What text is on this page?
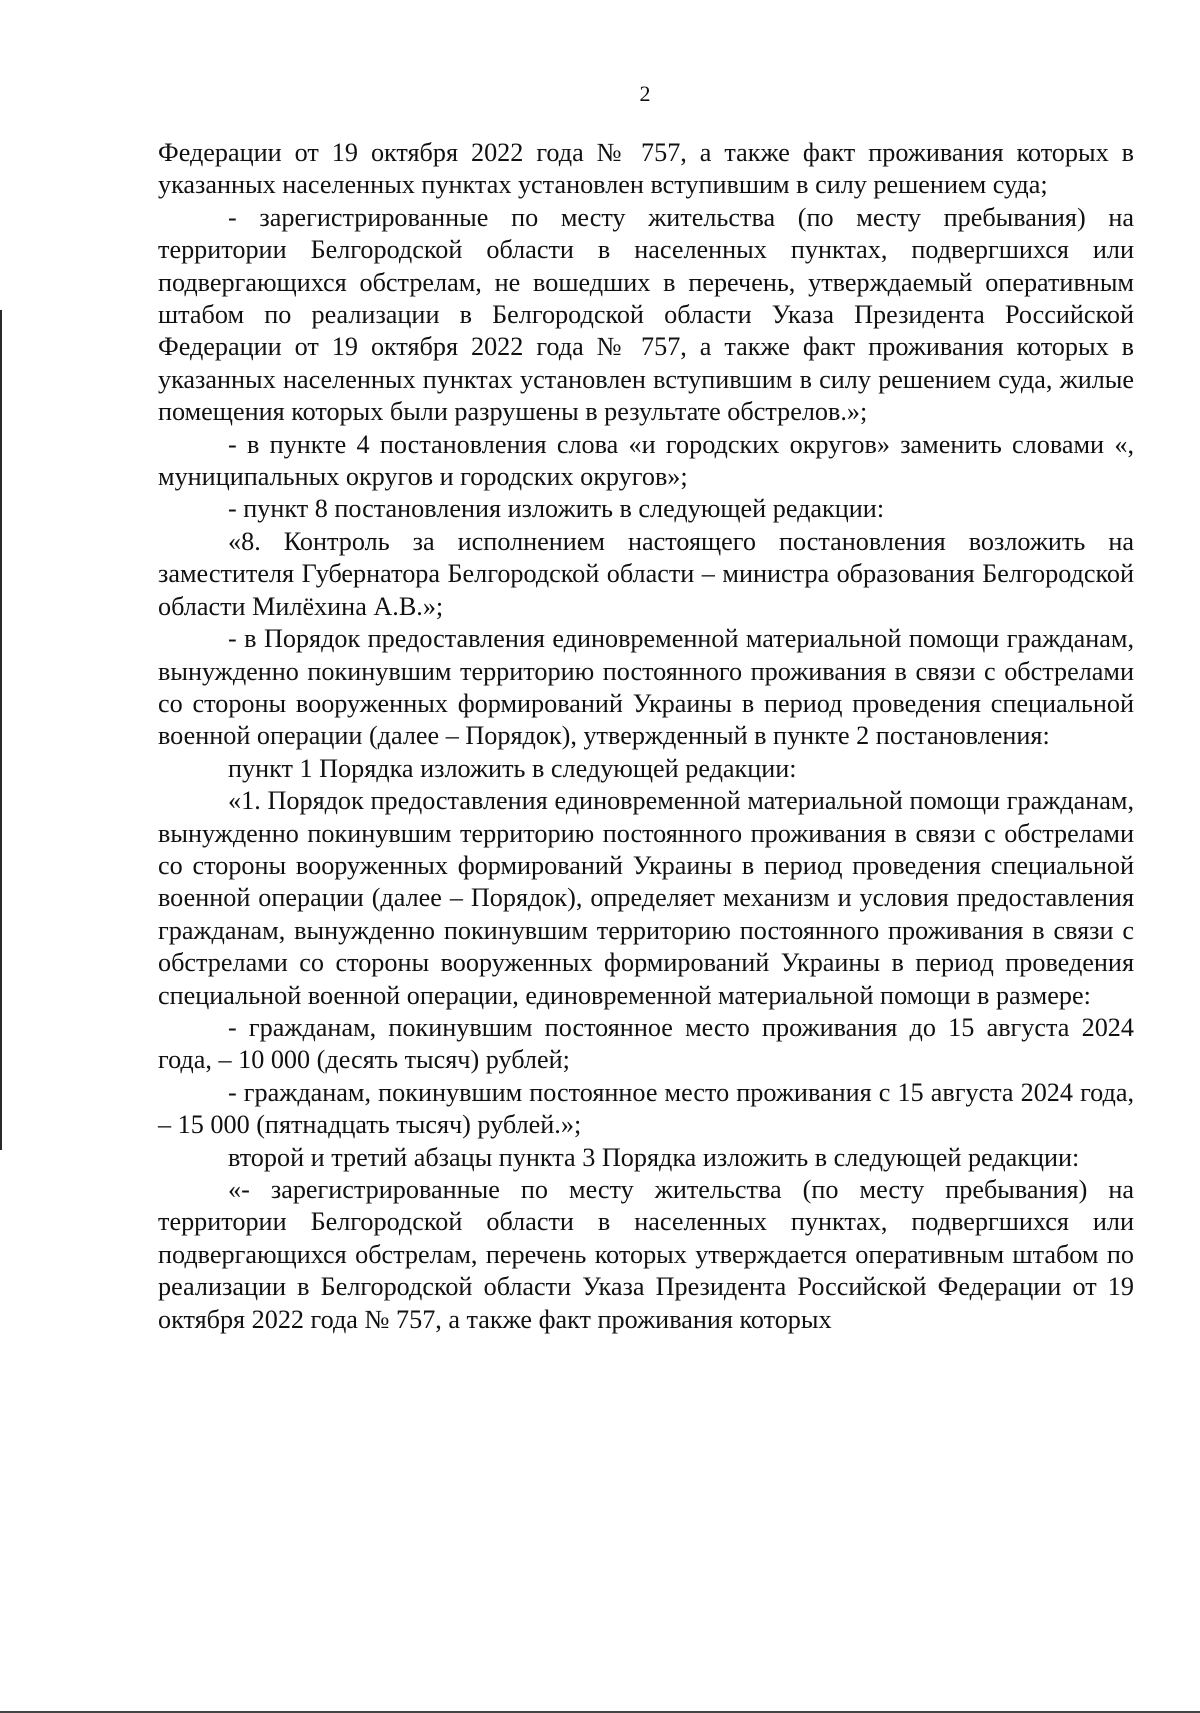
2

Федерации от 19 октября 2022 года № 757, а также факт проживания которых в указанных населенных пунктах установлен вступившим в силу решением суда;

- зарегистрированные по месту жительства (по месту пребывания) на территории Белгородской области в населенных пунктах, подвергшихся или подвергающихся обстрелам, не вошедших в перечень, утверждаемый оперативным штабом по реализации в Белгородской области Указа Президента Российской Федерации от 19 октября 2022 года № 757, а также факт проживания которых в указанных населенных пунктах установлен вступившим в силу решением суда, жилые помещения которых были разрушены в результате обстрелов.»;

- в пункте 4 постановления слова «и городских округов» заменить словами «, муниципальных округов и городских округов»;

- пункт 8 постановления изложить в следующей редакции:

«8. Контроль за исполнением настоящего постановления возложить на заместителя Губернатора Белгородской области – министра образования Белгородской области Милёхина А.В.»;

- в Порядок предоставления единовременной материальной помощи гражданам, вынужденно покинувшим территорию постоянного проживания в связи с обстрелами со стороны вооруженных формирований Украины в период проведения специальной военной операции (далее – Порядок), утвержденный в пункте 2 постановления:

пункт 1 Порядка изложить в следующей редакции:

«1. Порядок предоставления единовременной материальной помощи гражданам, вынужденно покинувшим территорию постоянного проживания в связи с обстрелами со стороны вооруженных формирований Украины в период проведения специальной военной операции (далее – Порядок), определяет механизм и условия предоставления гражданам, вынужденно покинувшим территорию постоянного проживания в связи с обстрелами со стороны вооруженных формирований Украины в период проведения специальной военной операции, единовременной материальной помощи в размере:

- гражданам, покинувшим постоянное место проживания до 15 августа 2024 года, – 10 000 (десять тысяч) рублей;

- гражданам, покинувшим постоянное место проживания с 15 августа 2024 года, – 15 000 (пятнадцать тысяч) рублей.»;

второй и третий абзацы пункта 3 Порядка изложить в следующей редакции:

«- зарегистрированные по месту жительства (по месту пребывания) на территории Белгородской области в населенных пунктах, подвергшихся или подвергающихся обстрелам, перечень которых утверждается оперативным штабом по реализации в Белгородской области Указа Президента Российской Федерации от 19 октября 2022 года № 757, а также факт проживания которых
